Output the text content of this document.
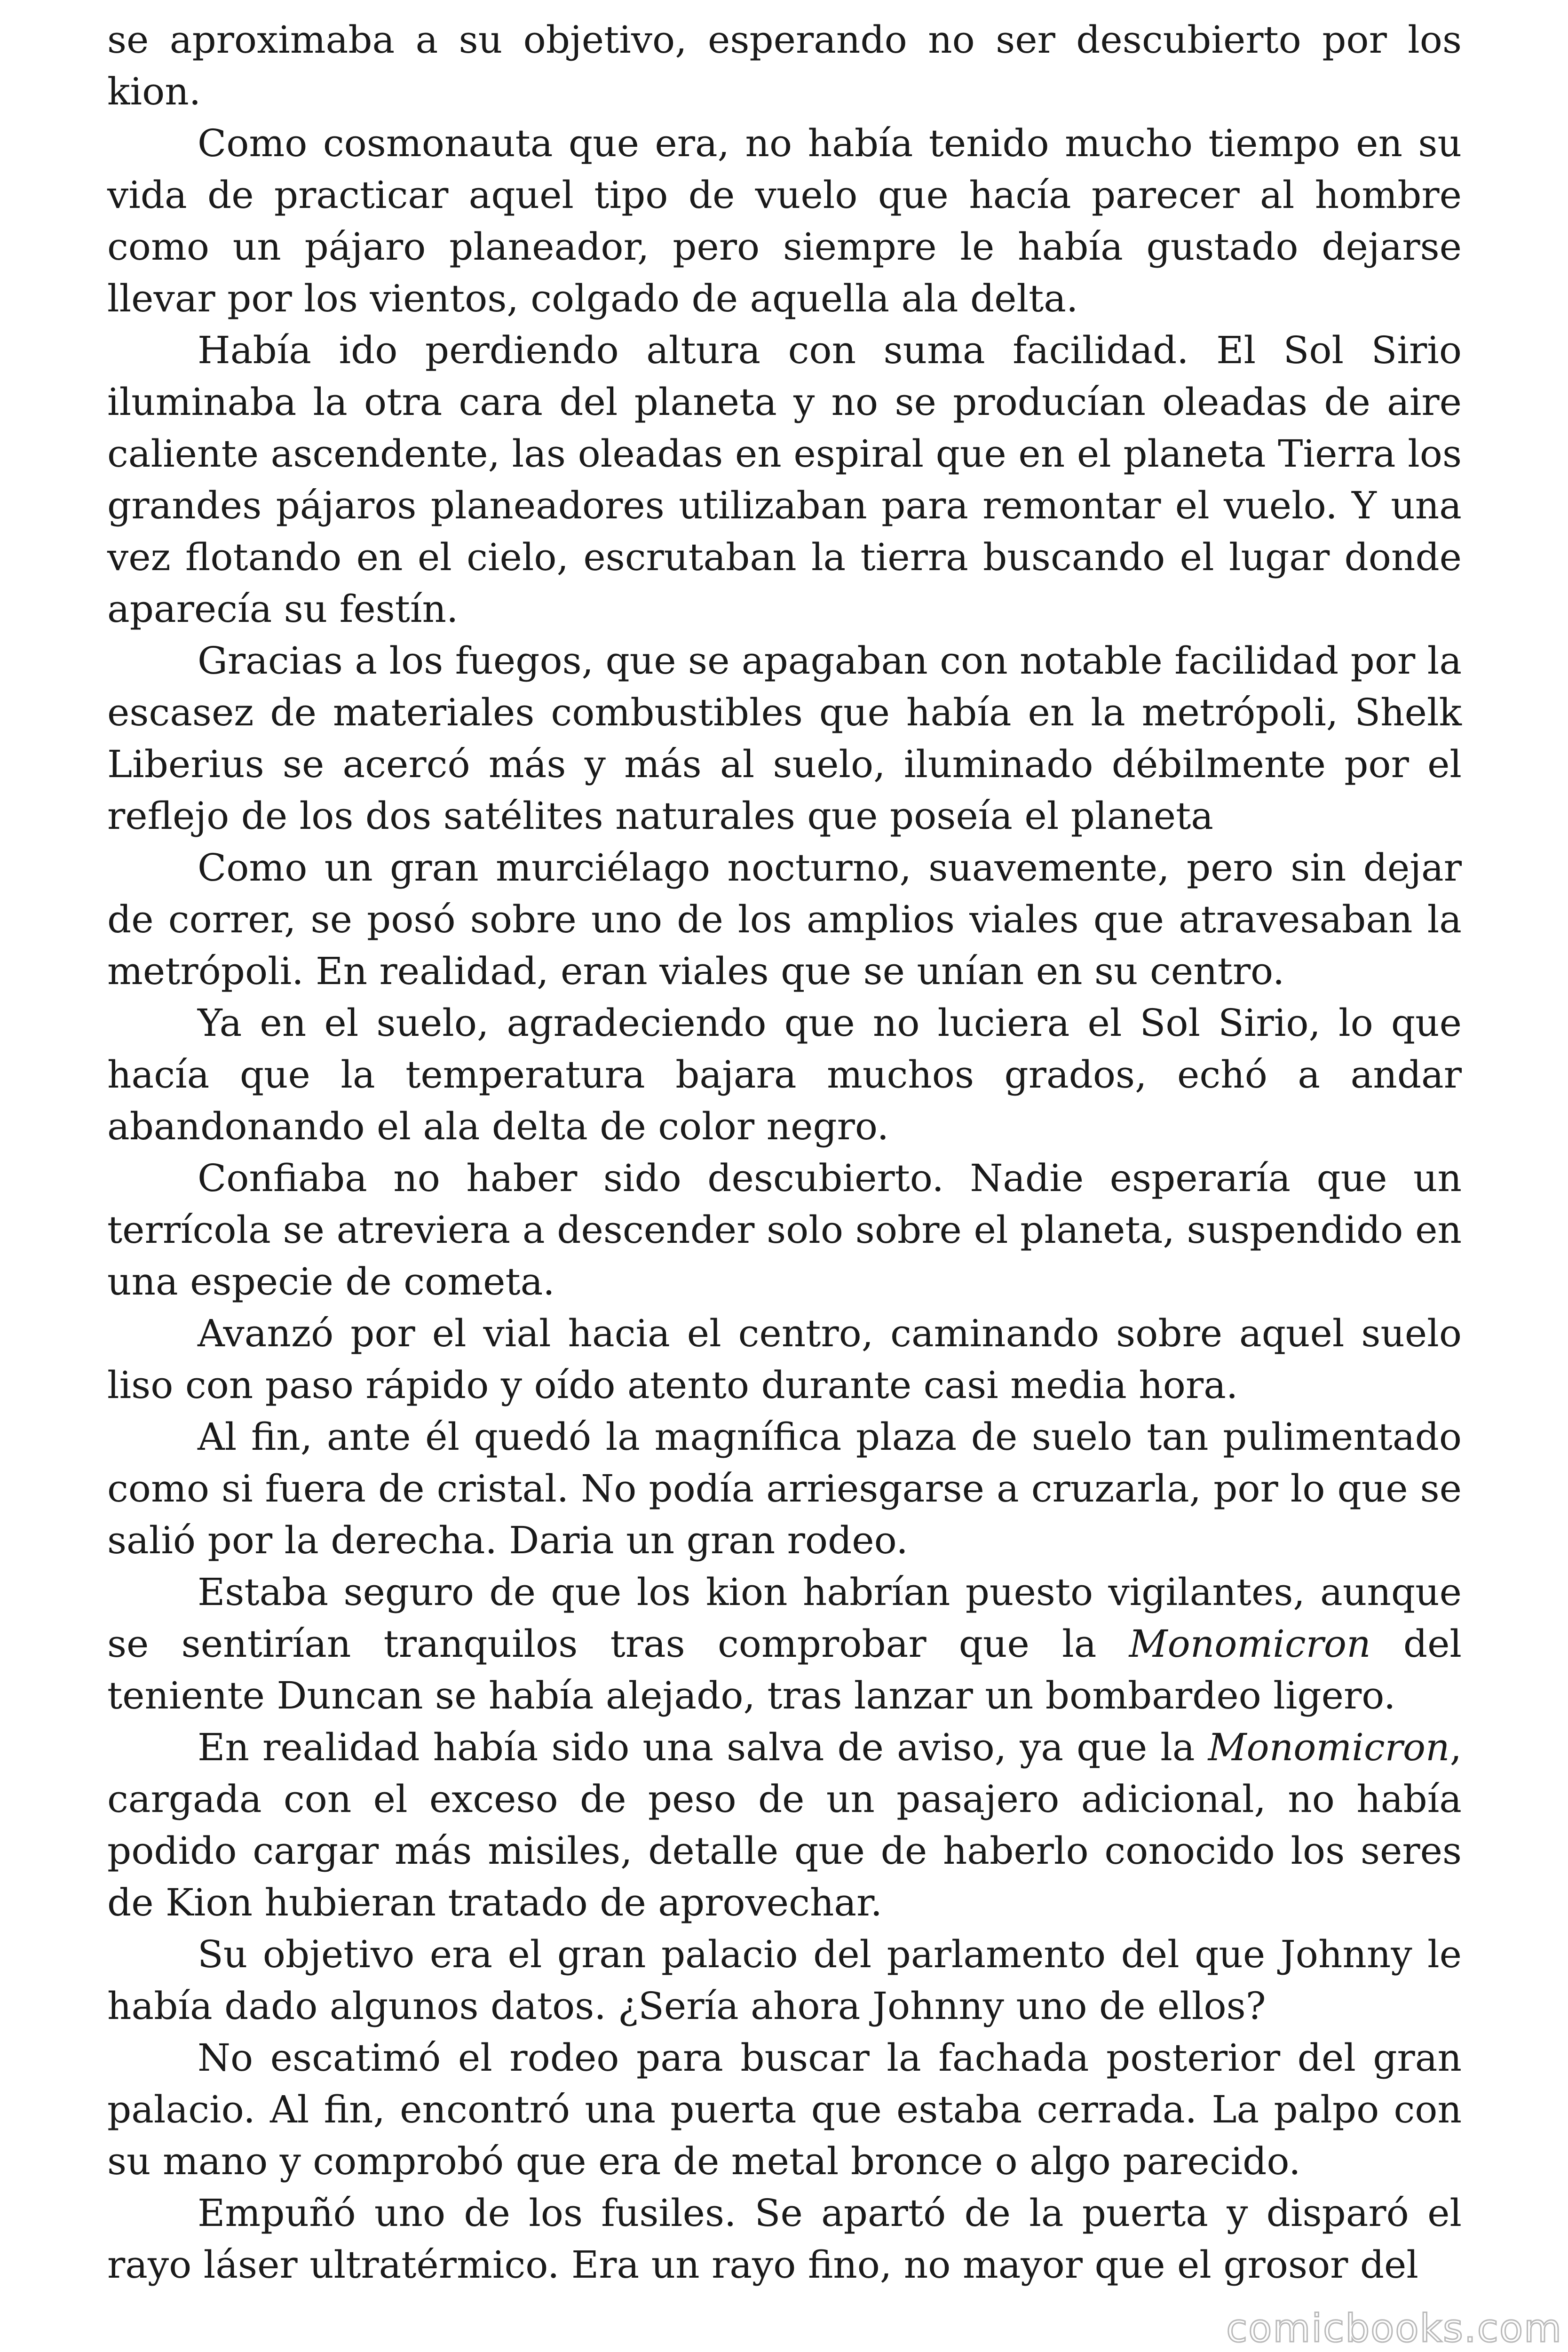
se aproximaba a su objetivo, esperando no ser descubierto por los kion.

Como cosmonauta que era, no había tenido mucho tiempo en su vida de practicar aquel tipo de vuelo que hacía parecer al hombre como un pájaro planeador, pero siempre le había gustado dejarse llevar por los vientos, colgado de aquella ala delta.

Había ido perdiendo altura con suma facilidad. El Sol Sirio iluminaba la otra cara del planeta y no se producían oleadas de aire caliente ascendente, las oleadas en espiral que en el planeta Tierra los grandes pájaros planeadores utilizaban para remontar el vuelo. Y una vez flotando en el cielo, escrutaban la tierra buscando el lugar donde aparecía su festín.

Gracias a los fuegos, que se apagaban con notable facilidad por la escasez de materiales combustibles que había en la metrópoli, Shelk Liberius se acercó más y más al suelo, iluminado débilmente por el reflejo de los dos satélites naturales que poseía el planeta

Como un gran murciélago nocturno, suavemente, pero sin dejar de correr, se posó sobre uno de los amplios viales que atravesaban la metrópoli. En realidad, eran viales que se unían en su centro.

Ya en el suelo, agradeciendo que no luciera el Sol Sirio, lo que hacía que la temperatura bajara muchos grados, echó a andar abandonando el ala delta de color negro.

Confiaba no haber sido descubierto. Nadie esperaría que un terrícola se atreviera a descender solo sobre el planeta, suspendido en una especie de cometa.

Avanzó por el vial hacia el centro, caminando sobre aquel suelo liso con paso rápido y oído atento durante casi media hora.

Al fin, ante él quedó la magnífica plaza de suelo tan pulimentado como si fuera de cristal. No podía arriesgarse a cruzarla, por lo que se salió por la derecha. Daria un gran rodeo.

Estaba seguro de que los kion habrían puesto vigilantes, aunque se sentirían tranquilos tras comprobar que la Monomicron del teniente Duncan se había alejado, tras lanzar un bombardeo ligero.

En realidad había sido una salva de aviso, ya que la Monomicron, cargada con el exceso de peso de un pasajero adicional, no había podido cargar más misiles, detalle que de haberlo conocido los seres de Kion hubieran tratado de aprovechar.

Su objetivo era el gran palacio del parlamento del que Johnny le había dado algunos datos. ¿Sería ahora Johnny uno de ellos?

No escatimó el rodeo para buscar la fachada posterior del gran palacio. Al fin, encontró una puerta que estaba cerrada. La palpo con su mano y comprobó que era de metal bronce o algo parecido.

Empuñó uno de los fusiles. Se apartó de la puerta y disparó el rayo láser ultratérmico. Era un rayo fino, no mayor que el grosor del

comicbooks.com
